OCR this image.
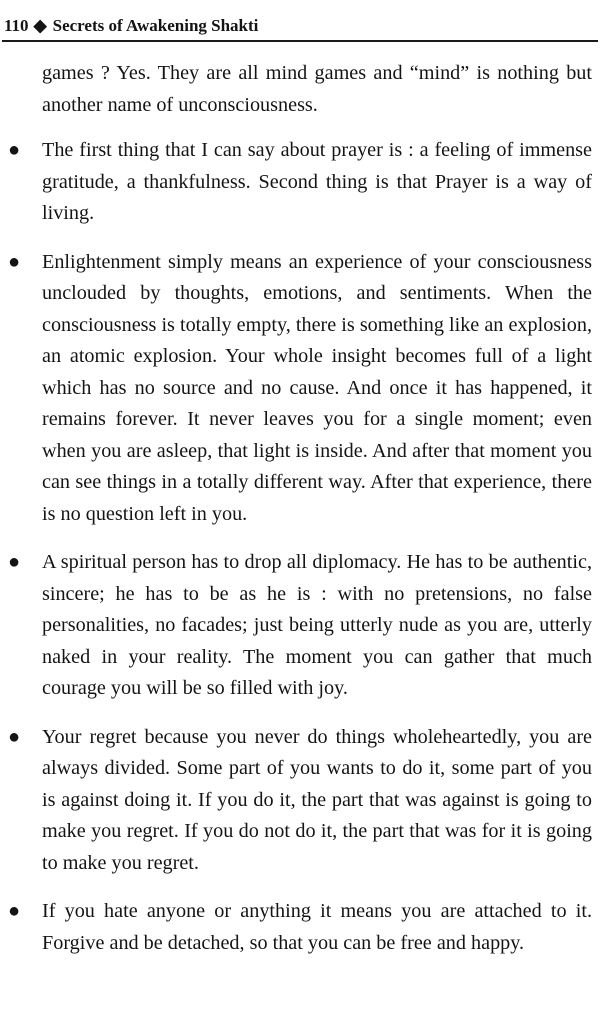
110 ◆ Secrets of Awakening Shakti

games ? Yes. They are all mind games and “mind” is nothing but another name of unconsciousness.

● The first thing that I can say about prayer is : a feeling of immense gratitude, a thankfulness. Second thing is that Prayer is a way of living.
● Enlightenment simply means an experience of your consciousness unclouded by thoughts, emotions, and sentiments. When the consciousness is totally empty, there is something like an explosion, an atomic explosion. Your whole insight becomes full of a light which has no source and no cause. And once it has happened, it remains forever. It never leaves you for a single moment; even when you are asleep, that light is inside. And after that moment you can see things in a totally different way. After that experience, there is no question left in you.
● A spiritual person has to drop all diplomacy. He has to be authentic, sincere; he has to be as he is : with no pretensions, no false personalities, no facades; just being utterly nude as you are, utterly naked in your reality. The moment you can gather that much courage you will be so filled with joy.
● Your regret because you never do things wholeheartedly, you are always divided. Some part of you wants to do it, some part of you is against doing it. If you do it, the part that was against is going to make you regret. If you do not do it, the part that was for it is going to make you regret.
● If you hate anyone or anything it means you are attached to it. Forgive and be detached, so that you can be free and happy.
